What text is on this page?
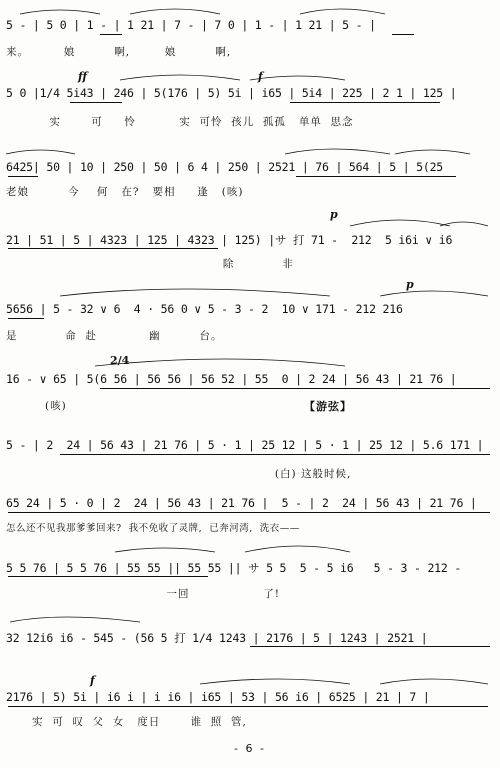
5 - | 5 0 | 1 - | 1 21 | 7 - | 7 0 | 1 - | 1 21 | 5 - |
来。        娘         啊,        娘         啊,
ff	f
5 0 |1/4 5i43 | 246 | 5(176 | 5) 5i | i65 | 5i4 | 225 | 2 1 | 125 |
实       可     怜          实  可怜  孩儿  孤孤   单单  思念
6425| 50 | 10 | 250 | 50 | 6 4 | 250 | 2521 | 76 | 564 | 5 | 5(25
老娘         今    何   在?   要相     逢   (咳)
p
21 | 51 | 5 | 4323 | 125 | 4323 | 125) |サ 打 71 -  212  5 i6i ∨ i6
除           非
p
5656 | 5 - 32 ∨ 6  4 · 56 0 ∨ 5 - 3 - 2  10 ∨ 171 - 212 216
是           命  赴            幽         台。
2/4
16 - ∨ 65 | 5(6 56 | 56 56 | 56 52 | 55  0 | 2 24 | 56 43 | 21 76 |
(咳)	【游弦】
5 - | 2  24 | 56 43 | 21 76 | 5 · 1 | 25 12 | 5 · 1 | 25 12 | 5.6 171 |
(白) 这般时候,
65 24 | 5 · 0 | 2  24 | 56 43 | 21 76 |  5 - | 2  24 | 56 43 | 21 76 |
怎么还不见我那爹爹回来?  我不免收了灵牌,  已奔河湾,  洗衣——
5 5 76 | 5 5 76 | 55 55 || 55 55 || サ 5 5  5 - 5 i6   5 - 3 - 212 -
一回                 了!
32 12i6 i6 - 545 - (56 5 打 1/4 1243 | 2176 | 5 | 1243 | 2521 |
f
2176 | 5) 5i | i6 i | i i6 | i65 | 53 | 56 i6 | 6525 | 21 | 7 |
实  可  叹  父  女   度日       谁  照  管,
- 6 -
